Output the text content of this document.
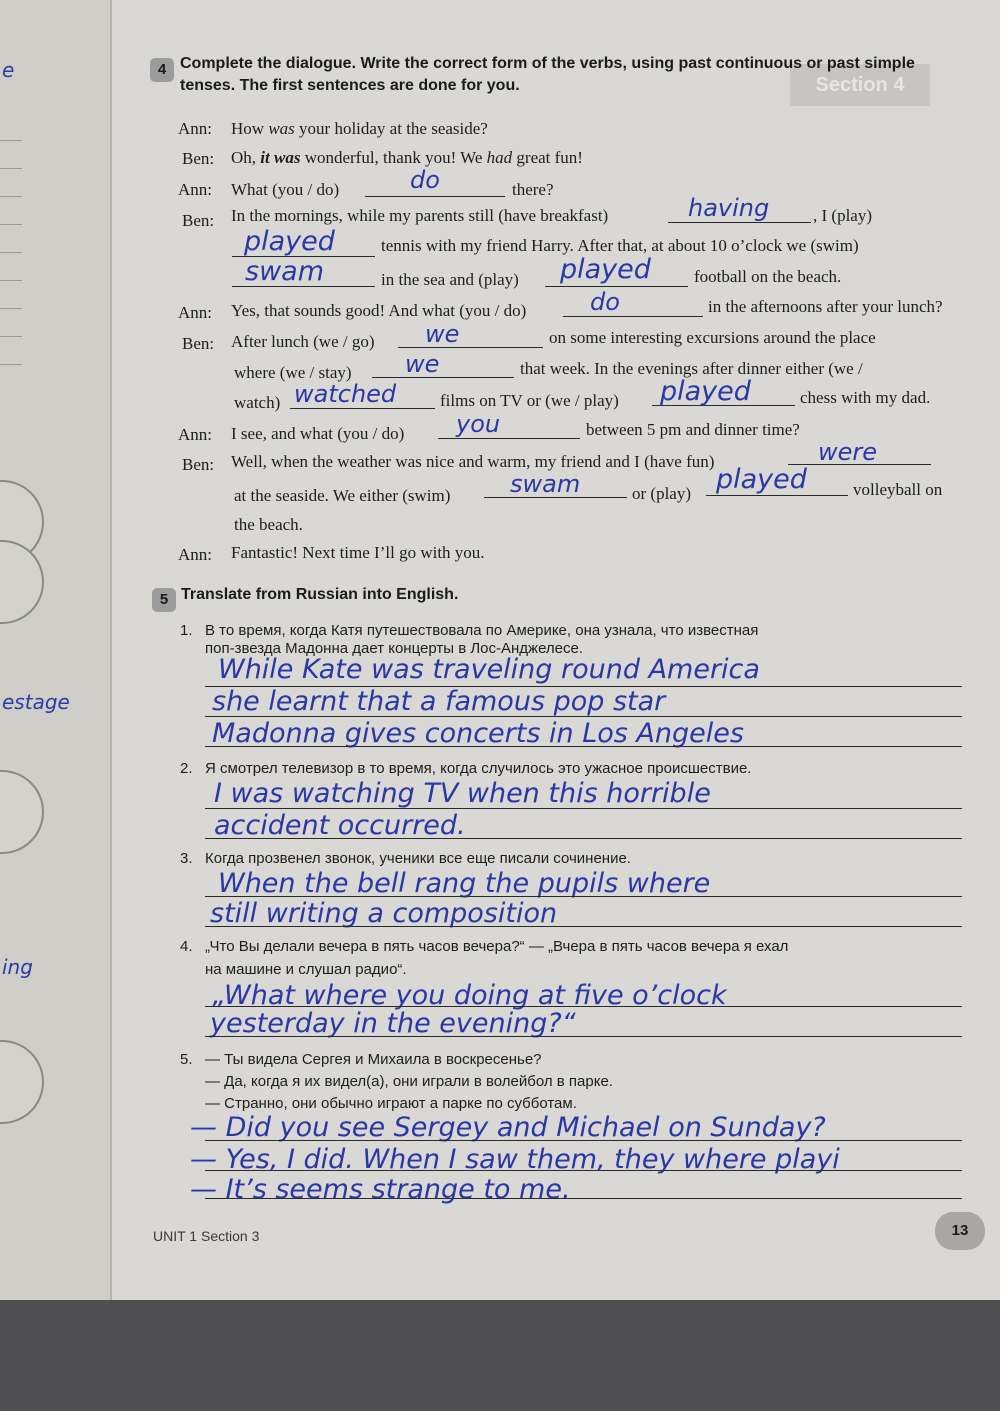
e
estage
ing
Section 4
4 Complete the dialogue. Write the correct form of the verbs, using past continuous or past simple
tenses. The first sentences are done for you.
Ann: How was your holiday at the seaside?
Ben: Oh, it was wonderful, thank you! We had great fun!
Ann: What (you / do)	do	there?
Ben: In the mornings, while my parents still (have breakfast)	having	, I (play)
played	tennis with my friend Harry. After that, at about 10 o’clock we (swim)
swam	in the sea and (play) played	football on the beach.
Ann: Yes, that sounds good! And what (you / do)	do	in the afternoons after your lunch?
Ben: After lunch (we / go) we	on some interesting excursions around the place
where (we / stay) we	that week. In the evenings after dinner either (we /
watch) watched	films on TV or (we / play) played	chess with my dad.
Ann: I see, and what (you / do) you	between 5 pm and dinner time?
Ben: Well, when the weather was nice and warm, my friend and I (have fun)	were
at the seaside. We either (swim) swam	or (play) played	volleyball on
the beach.
Ann: Fantastic! Next time I’ll go with you.
5 Translate from Russian into English.
1. В то время, когда Катя путешествовала по Америке, она узнала, что известная
поп-звезда Мадонна дает концерты в Лос-Анджелесе.
While Kate was traveling round America
she learnt that a famous pop star
Madonna gives concerts in Los Angeles
2. Я смотрел телевизор в то время, когда случилось это ужасное происшествие.
I was watching TV when this horrible
accident occurred.
3. Когда прозвенел звонок, ученики все еще писали сочинение.
When the bell rang the pupils where
still writing a composition
4. „Что Вы делали вечера в пять часов вечера?“ — „Вчера в пять часов вечера я ехал
на машине и слушал радио“.
„What where you doing at five o’clock
yesterday in the evening?“
5. — Ты видела Сергея и Михаила в воскресенье?
— Да, когда я их видел(а), они играли в волейбол в парке.
— Странно, они обычно играют а парке по субботам.
— Did you see Sergey and Michael on Sunday?
— Yes, I did. When I saw them, they where playi
— It’s seems strange to me.
UNIT 1 Section 3	13
